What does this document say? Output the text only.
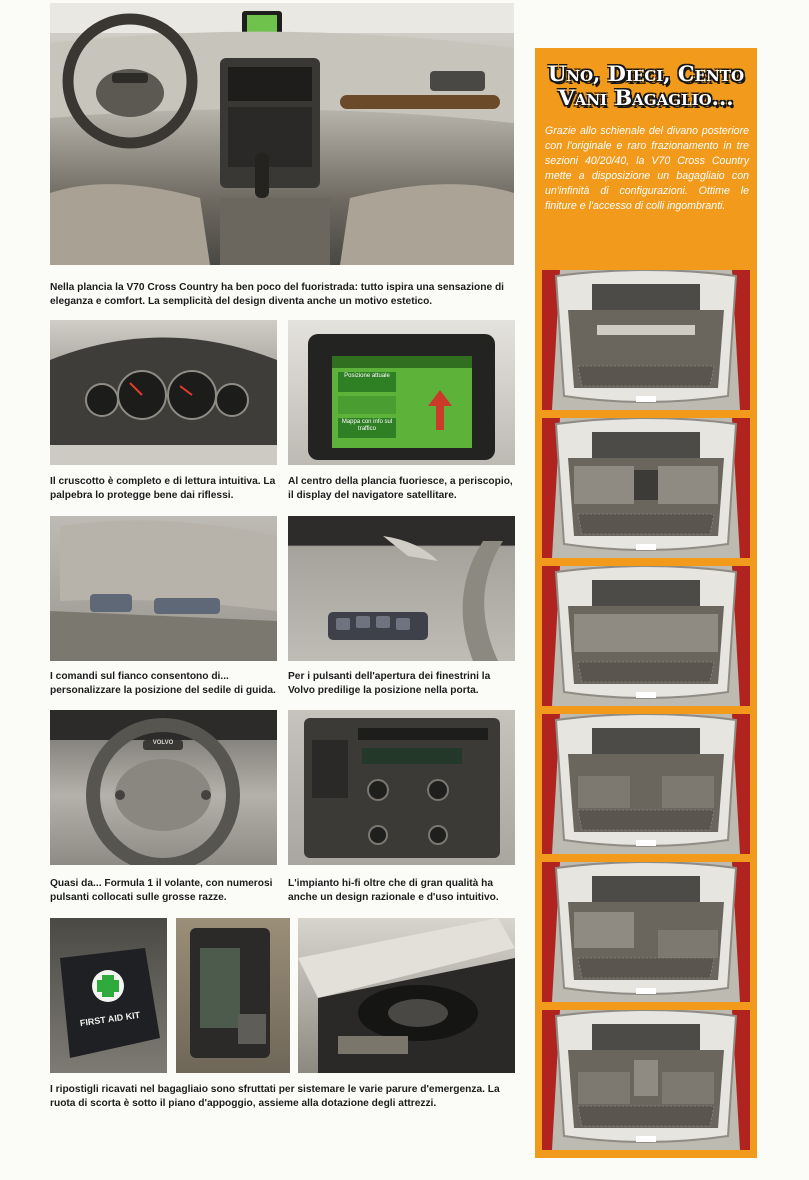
Nella plancia la V70 Cross Country ha ben poco del fuoristrada: tutto ispira una sensazione di eleganza e comfort. La semplicità del design diventa anche un motivo estetico.

Il cruscotto è completo e di lettura intuitiva. La palpebra lo protegge bene dai riflessi.

Posizione attuale
Mappa con info sul traffico

Al centro della plancia fuoriesce, a periscopio, il display del navigatore satellitare.

I comandi sul fianco consentono di... personalizzare la posizione del sedile di guida.

Per i pulsanti dell'apertura dei finestrini la Volvo predilige la posizione nella porta.

VOLVO

Quasi da... Formula 1 il volante, con numerosi pulsanti collocati sulle grosse razze.

L'impianto hi-fi oltre che di gran qualità ha anche un design razionale e d'uso intuitivo.

FIRST AID KIT

I ripostigli ricavati nel bagagliaio sono sfruttati per sistemare le varie parure d'emergenza. La ruota di scorta è sotto il piano d'appoggio, assieme alla dotazione degli attrezzi.

Uno, Dieci, Cento Vani Bagaglio...

Grazie allo schienale del divano posteriore con l'originale e raro frazionamento in tre sezioni 40/20/40, la V70 Cross Country mette a disposizione un bagagliaio con un'infinità di configurazioni. Ottime le finiture e l'accesso di colli ingombranti.
